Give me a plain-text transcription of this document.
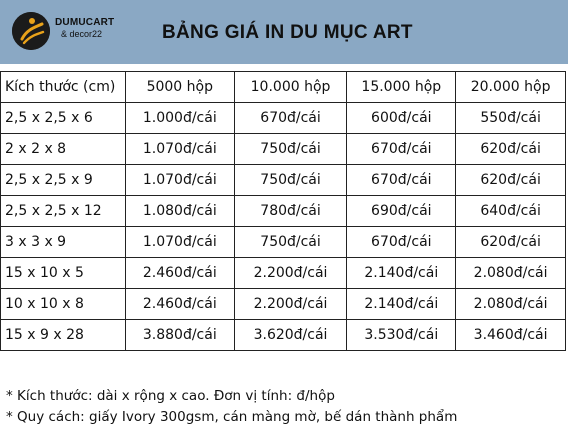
DUMUCART
& decor22	BẢNG GIÁ IN DU MỤC ART
Kích thước (cm)	5000 hộp	10.000 hộp	15.000 hộp	20.000 hộp
2,5 x 2,5 x 6	1.000đ/cái	670đ/cái	600đ/cái	550đ/cái
2 x 2 x 8	1.070đ/cái	750đ/cái	670đ/cái	620đ/cái
2,5 x 2,5 x 9	1.070đ/cái	750đ/cái	670đ/cái	620đ/cái
2,5 x 2,5 x 12	1.080đ/cái	780đ/cái	690đ/cái	640đ/cái
3 x 3 x 9	1.070đ/cái	750đ/cái	670đ/cái	620đ/cái
15 x 10 x 5	2.460đ/cái	2.200đ/cái	2.140đ/cái	2.080đ/cái
10 x 10 x 8	2.460đ/cái	2.200đ/cái	2.140đ/cái	2.080đ/cái
15 x 9 x 28	3.880đ/cái	3.620đ/cái	3.530đ/cái	3.460đ/cái
* Kích thước: dài x rộng x cao. Đơn vị tính: đ/hộp
* Quy cách: giấy Ivory 300gsm, cán màng mờ, bế dán thành phẩm
